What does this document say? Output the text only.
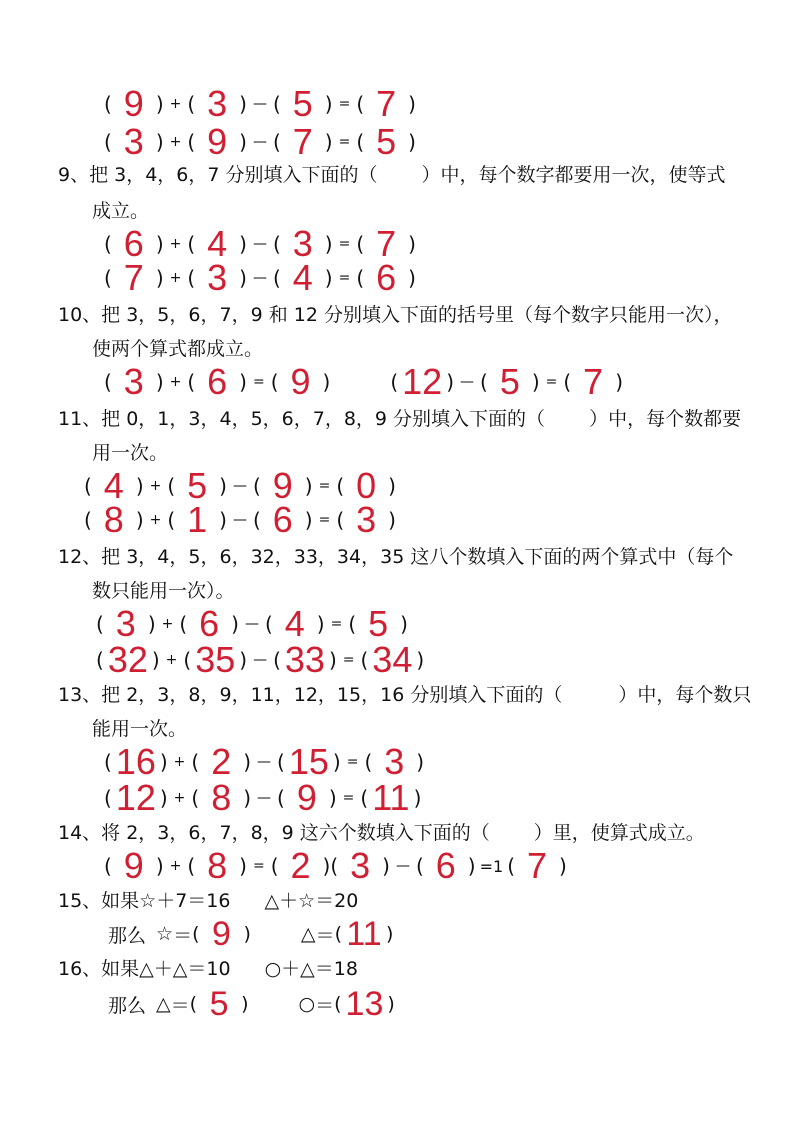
( 9 ) + ( 3 ) — ( 5 ) = ( 7 )
( 3 ) + ( 9 ) — ( 7 ) = ( 5 )
9、把 3，4，6，7 分别填入下面的（ ）中，每个数字都要用一次，使等式
成立。
( 6 ) + ( 4 ) — ( 3 ) = ( 7 )
( 7 ) + ( 3 ) — ( 4 ) = ( 6 )
10、把 3，5，6，7，9 和 12 分别填入下面的括号里（每个数字只能用一次），
使两个算式都成立。
( 3 ) + ( 6 ) = ( 9 )	( 12 ) — ( 5 ) = ( 7 )
11、把 0，1，3，4，5，6，7，8，9 分别填入下面的（ ）中，每个数都要
用一次。
( 4 ) + ( 5 ) — ( 9 ) = ( 0 )
( 8 ) + ( 1 ) — ( 6 ) = ( 3 )
12、把 3，4，5，6，32，33，34，35 这八个数填入下面的两个算式中（每个
数只能用一次）。
( 3 ) + ( 6 ) — ( 4 ) = ( 5 )
( 32 ) + ( 35 ) — ( 33 ) = ( 34 )
13、把 2，3，8，9，11，12，15，16 分别填入下面的（	）中，每个数只
能用一次。
( 16 ) + ( 2 ) — ( 15 ) = ( 3 )
( 12 ) + ( 8 ) — ( 9 ) = ( 11 )
14、将 2，3，6，7，8，9 这六个数填入下面的（ ）里，使算式成立。
( 9 ) + ( 8 ) = ( 2 ) ( 3 ) — ( 6 ) =1 ( 7 )
15、如果☆＋7＝16 △＋☆＝20
那么 ☆ ＝ ( 9 )	△ ＝ ( 11 )
16、如果△＋△＝10 ○＋△＝18
那么 △ ＝ ( 5 )	○ ＝ ( 13 )
